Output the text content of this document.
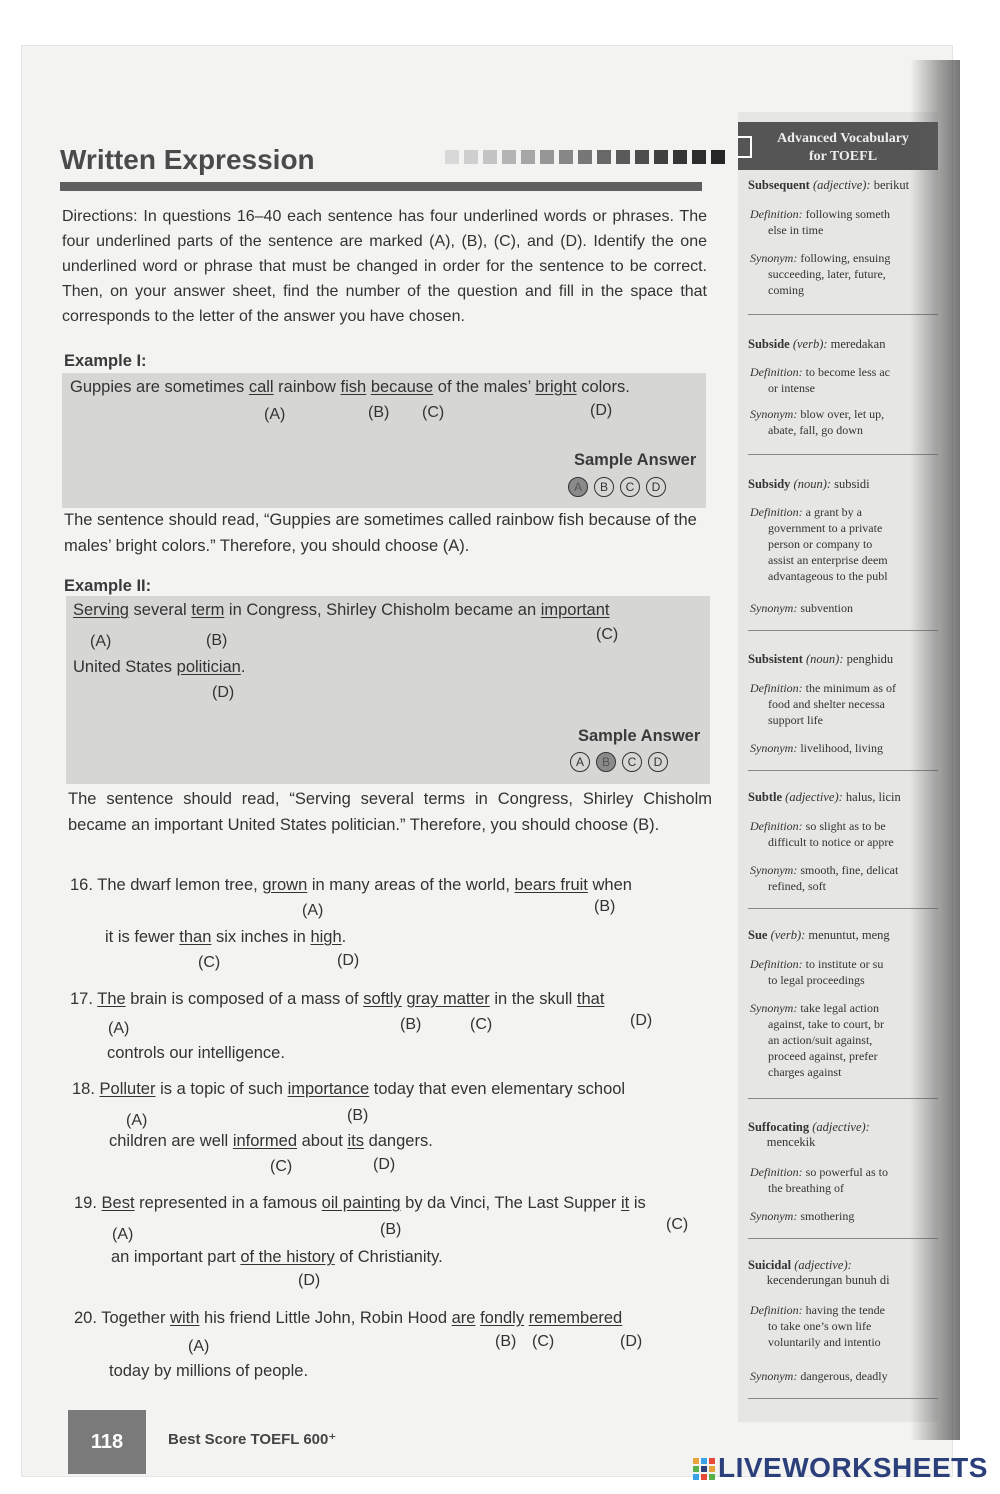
Written Expression
Directions: In questions 16–40 each sentence has four underlined words or phrases. The four underlined parts of the sentence are marked (A), (B), (C), and (D). Identify the one underlined word or phrase that must be changed in order for the sentence to be correct. Then, on your answer sheet, find the number of the question and fill in the space that corresponds to the letter of the answer you have chosen.
Example I:
Guppies are sometimes call rainbow fish because of the males’ bright colors.
(A)	(B) (C)	(D)
Sample Answer
A	B	C	D
The sentence should read, “Guppies are sometimes called rainbow fish because of the males’ bright colors.” Therefore, you should choose (A).
Example II:
Serving several term in Congress, Shirley Chisholm became an important
(A)	(B)	(C)
United States politician.
(D)
Sample Answer
A	B	C	D
The sentence should read, “Serving several terms in Congress, Shirley Chisholm became an important United States politician.” Therefore, you should choose (B).
16. The dwarf lemon tree, grown in many areas of the world, bears fruit when
(A)	(B)
it is fewer than six inches in high.
(C)	(D)
17. The brain is composed of a mass of softly gray matter in the skull that
(A)	(B)	(C)	(D)
controls our intelligence.
18. Polluter is a topic of such importance today that even elementary school
(A)	(B)
children are well informed about its dangers.
(C)	(D)
19. Best represented in a famous oil painting by da Vinci, The Last Supper it is
(A)	(B)	(C)
an important part of the history of Christianity.
(D)
20. Together with his friend Little John, Robin Hood are fondly remembered
(A)	(B) (C)	(D)
today by millions of people.
118	Best Score TOEFL 600⁺
Advanced Vocabulary
for TOEFL
Subsequent (adjective): berikut
Definition: following someth
else in time
Synonym: following, ensuing
succeeding, later, future,
coming
Subside (verb): meredakan
Definition: to become less ac
or intense
Synonym: blow over, let up,
abate, fall, go down
Subsidy (noun): subsidi
Definition: a grant by a
government to a private
person or company to
assist an enterprise deem
advantageous to the publ
Synonym: subvention
Subsistent (noun): penghidu
Definition: the minimum as of
food and shelter necessa
support life
Synonym: livelihood, living
Subtle (adjective): halus, licin
Definition: so slight as to be
difficult to notice or appre
Synonym: smooth, fine, delicat
refined, soft
Sue (verb): menuntut, meng
Definition: to institute or su
to legal proceedings
Synonym: take legal action
against, take to court, br
an action/suit against,
proceed against, prefer
charges against
Suffocating (adjective):
mencekik
Definition: so powerful as to
the breathing of
Synonym: smothering
Suicidal (adjective):
kecenderungan bunuh di
Definition: having the tende
to take one’s own life
voluntarily and intentio
Synonym: dangerous, deadly
LIVEWORKSHEETS
